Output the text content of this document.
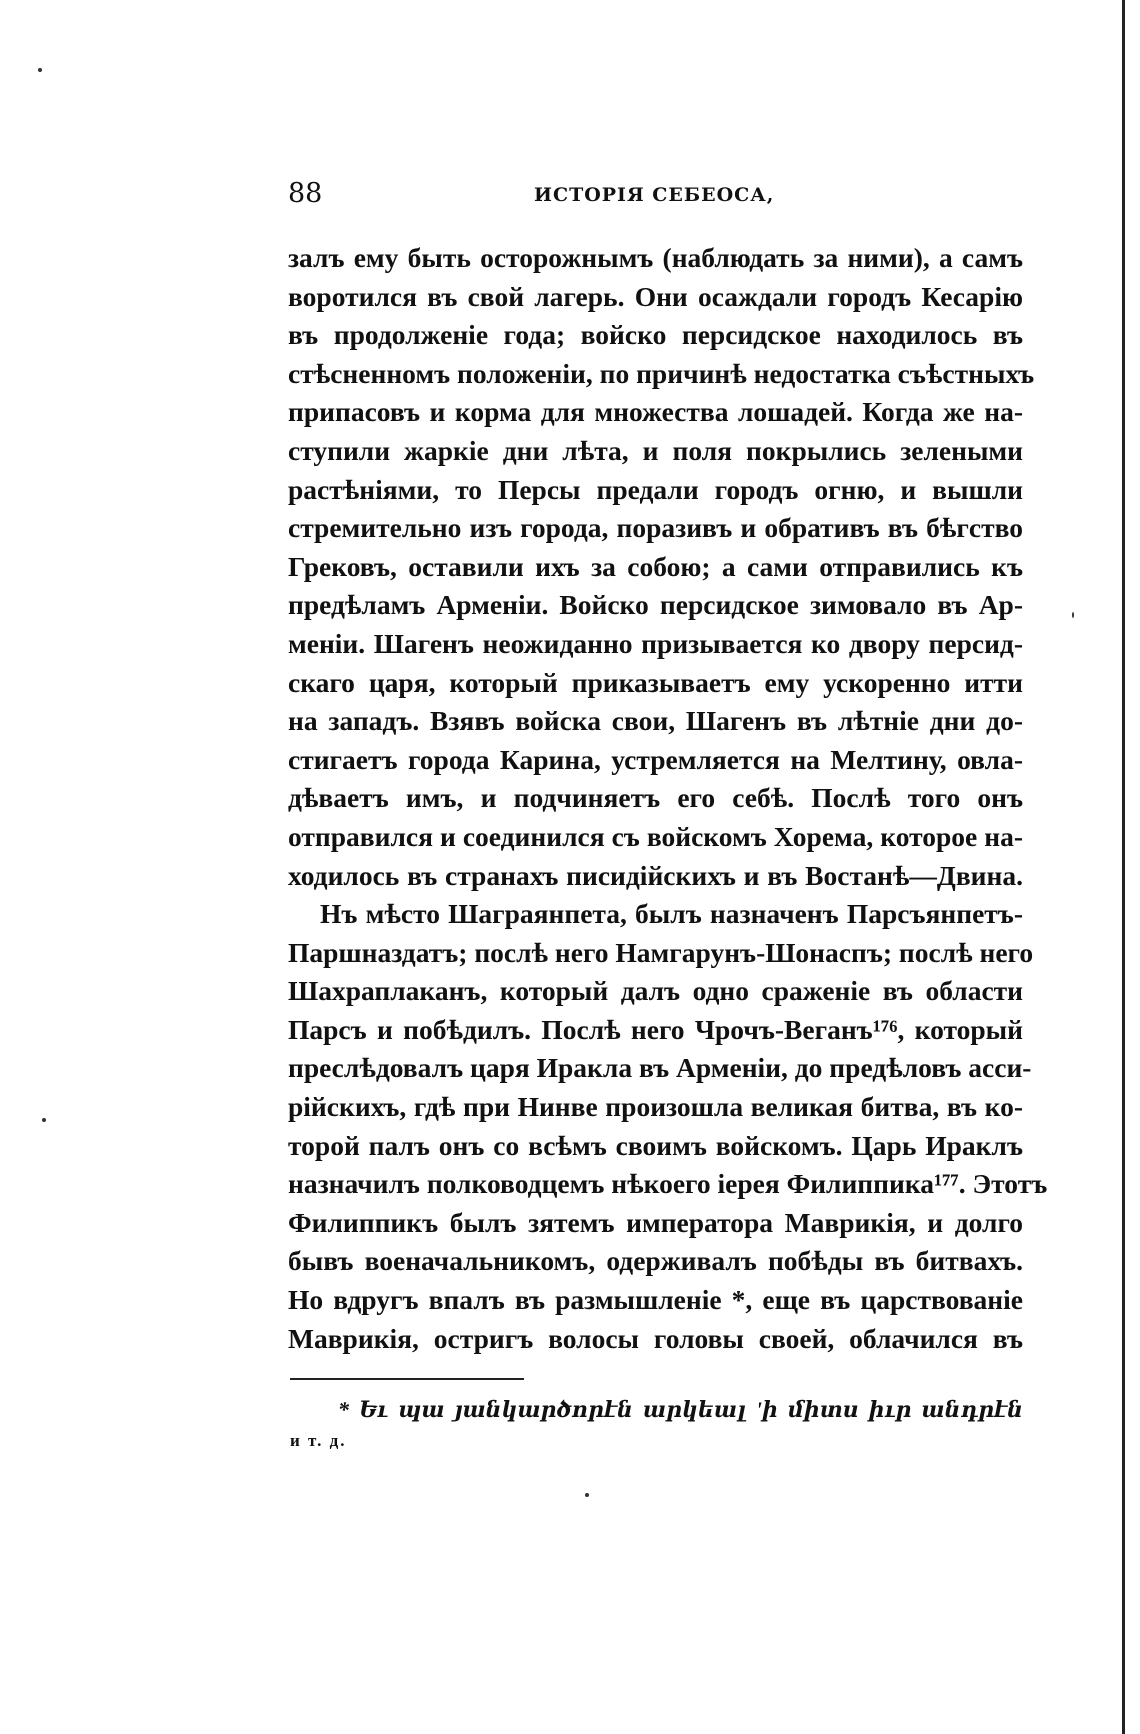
88	ИСТОРІЯ СЕБЕОСА,
залъ ему быть осторожнымъ (наблюдать за ними), а самъ
воротился въ свой лагерь. Они осаждали городъ Кесарію
въ продолженіе года; войско персидское находилось въ
стѣсненномъ положеніи, по причинѣ недостатка съѣстныхъ
припасовъ и корма для множества лошадей. Когда же на-
ступили жаркіе дни лѣта, и поля покрылись зелеными
растѣніями, то Персы предали городъ огню, и вышли
стремительно изъ города, поразивъ и обративъ въ бѣгство
Грековъ, оставили ихъ за собою; а сами отправились къ
предѣламъ Арменіи. Войско персидское зимовало въ Ар-
меніи. Шагенъ неожиданно призывается ко двору персид-
скаго царя, который приказываетъ ему ускоренно итти
на западъ. Взявъ войска свои, Шагенъ въ лѣтніе дни до-
стигаетъ города Карина, устремляется на Мелтину, овла-
дѣваетъ имъ, и подчиняетъ его себѣ. Послѣ того онъ
отправился и соединился съ войскомъ Хорема, которое на-
ходилось въ странахъ писидійскихъ и въ Востанѣ—Двина.
Нъ мѣсто Шаграянпета, былъ назначенъ Парсъянпетъ-
Паршназдатъ; послѣ него Намгарунъ-Шонаспъ; послѣ него
Шахраплаканъ, который далъ одно сраженіе въ области
Парсъ и побѣдилъ. Послѣ него Чрочъ-Веганъ¹⁷⁶, который
преслѣдовалъ царя Иракла въ Арменіи, до предѣловъ асси-
рійскихъ, гдѣ при Нинве произошла великая битва, въ ко-
торой палъ онъ со всѣмъ своимъ войскомъ. Царь Ираклъ
назначилъ полководцемъ нѣкоего іерея Филиппика¹⁷⁷. Этотъ
Филиппикъ былъ зятемъ императора Маврикія, и долго
бывъ военачальникомъ, одерживалъ побѣды въ битвахъ.
Но вдругъ впалъ въ размышленіе *, еще въ царствованіе
Маврикія, остригъ волосы головы своей, облачился въ
* Եւ պա յանկարծորէն արկեալ 'ի միտս իւր անդրէն
и т. д.
